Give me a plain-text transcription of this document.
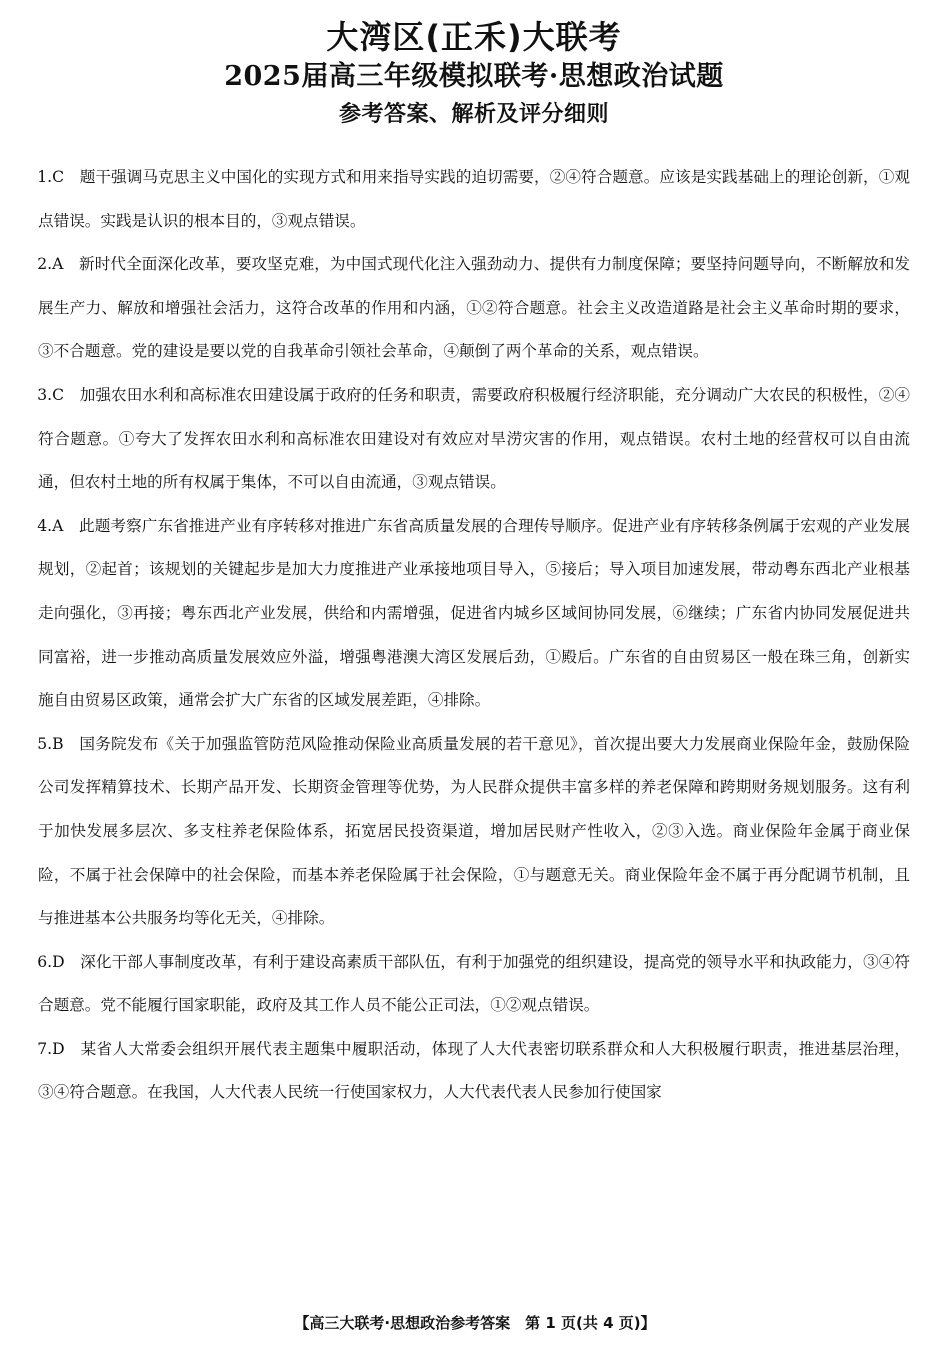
大湾区(正禾)大联考
2025届高三年级模拟联考·思想政治试题
参考答案、解析及评分细则

1.C  题干强调马克思主义中国化的实现方式和用来指导实践的迫切需要，②④符合题意。应该是实践基础上的理论创新，①观点错误。实践是认识的根本目的，③观点错误。

2.A  新时代全面深化改革，要攻坚克难，为中国式现代化注入强劲动力、提供有力制度保障；要坚持问题导向，不断解放和发展生产力、解放和增强社会活力，这符合改革的作用和内涵，①②符合题意。社会主义改造道路是社会主义革命时期的要求，③不合题意。党的建设是要以党的自我革命引领社会革命，④颠倒了两个革命的关系，观点错误。

3.C  加强农田水利和高标准农田建设属于政府的任务和职责，需要政府积极履行经济职能，充分调动广大农民的积极性，②④符合题意。①夸大了发挥农田水利和高标准农田建设对有效应对旱涝灾害的作用，观点错误。农村土地的经营权可以自由流通，但农村土地的所有权属于集体，不可以自由流通，③观点错误。

4.A  此题考察广东省推进产业有序转移对推进广东省高质量发展的合理传导顺序。促进产业有序转移条例属于宏观的产业发展规划，②起首；该规划的关键起步是加大力度推进产业承接地项目导入，⑤接后；导入项目加速发展，带动粤东西北产业根基走向强化，③再接；粤东西北产业发展，供给和内需增强，促进省内城乡区域间协同发展，⑥继续；广东省内协同发展促进共同富裕，进一步推动高质量发展效应外溢，增强粤港澳大湾区发展后劲，①殿后。广东省的自由贸易区一般在珠三角，创新实施自由贸易区政策，通常会扩大广东省的区域发展差距，④排除。

5.B  国务院发布《关于加强监管防范风险推动保险业高质量发展的若干意见》，首次提出要大力发展商业保险年金，鼓励保险公司发挥精算技术、长期产品开发、长期资金管理等优势，为人民群众提供丰富多样的养老保障和跨期财务规划服务。这有利于加快发展多层次、多支柱养老保险体系，拓宽居民投资渠道，增加居民财产性收入，②③入选。商业保险年金属于商业保险，不属于社会保障中的社会保险，而基本养老保险属于社会保险，①与题意无关。商业保险年金不属于再分配调节机制，且与推进基本公共服务均等化无关，④排除。

6.D  深化干部人事制度改革，有利于建设高素质干部队伍，有利于加强党的组织建设，提高党的领导水平和执政能力，③④符合题意。党不能履行国家职能，政府及其工作人员不能公正司法，①②观点错误。

7.D  某省人大常委会组织开展代表主题集中履职活动，体现了人大代表密切联系群众和人大积极履行职责，推进基层治理，③④符合题意。在我国，人大代表人民统一行使国家权力，人大代表代表人民参加行使国家

【高三大联考·思想政治参考答案　第 1 页(共 4 页)】
